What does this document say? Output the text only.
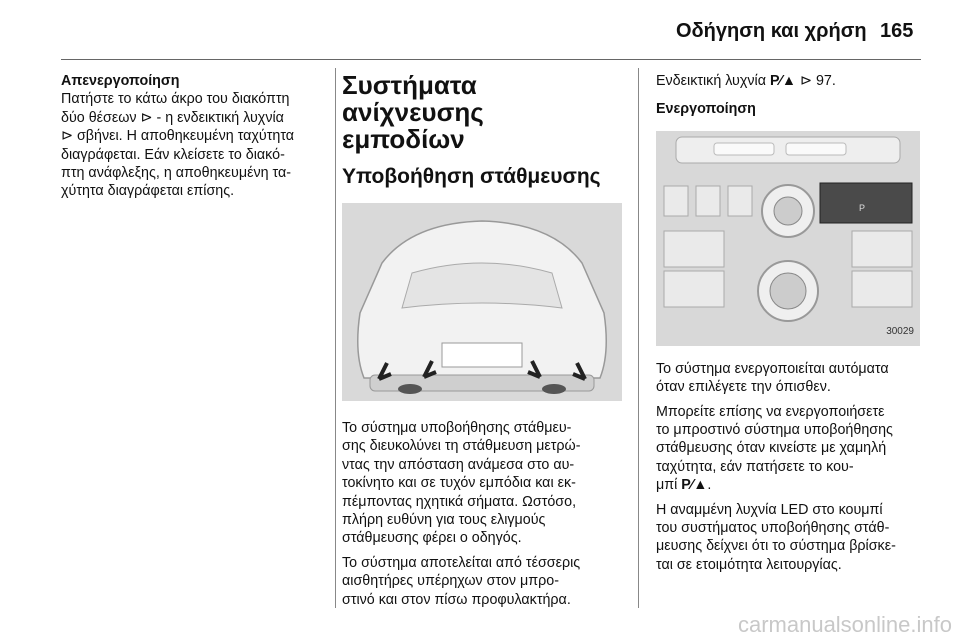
Οδήγηση και χρήση 165
Απενεργοποίηση
Πατήστε το κάτω άκρο του διακόπτη
δύο θέσεων ⊳ - η ενδεικτική λυχνία
⊳ σβήνει. Η αποθηκευμένη ταχύτητα
διαγράφεται. Εάν κλείσετε το διακό-
πτη ανάφλεξης, η αποθηκευμένη τα-
χύτητα διαγράφεται επίσης.
Συστήματα ανίχνευσης
εμποδίων
Υποβοήθηση στάθμευσης

Το σύστημα υποβοήθησης στάθμευ-
σης διευκολύνει τη στάθμευση μετρώ-
ντας την απόσταση ανάμεσα στο αυ-
τοκίνητο και σε τυχόν εμπόδια και εκ-
πέμποντας ηχητικά σήματα. Ωστόσο,
πλήρη ευθύνη για τους ελιγμούς
στάθμευσης φέρει ο οδηγός.

Το σύστημα αποτελείται από τέσσερις
αισθητήρες υπέρηχων στον μπρο-
στινό και στον πίσω προφυλακτήρα.

Ενδεικτική λυχνία P⁄▲ ⊳ 97.

Ενεργοποίηση
P
30029

Το σύστημα ενεργοποιείται αυτόματα
όταν επιλέγετε την όπισθεν.

Μπορείτε επίσης να ενεργοποιήσετε
το μπροστινό σύστημα υποβοήθησης
στάθμευσης όταν κινείστε με χαμηλή
ταχύτητα, εάν πατήσετε το κου-
μπί P⁄▲.

Η αναμμένη λυχνία LED στο κουμπί
του συστήματος υποβοήθησης στάθ-
μευσης δείχνει ότι το σύστημα βρίσκε-
ται σε ετοιμότητα λειτουργίας.

carmanualsonline.info
